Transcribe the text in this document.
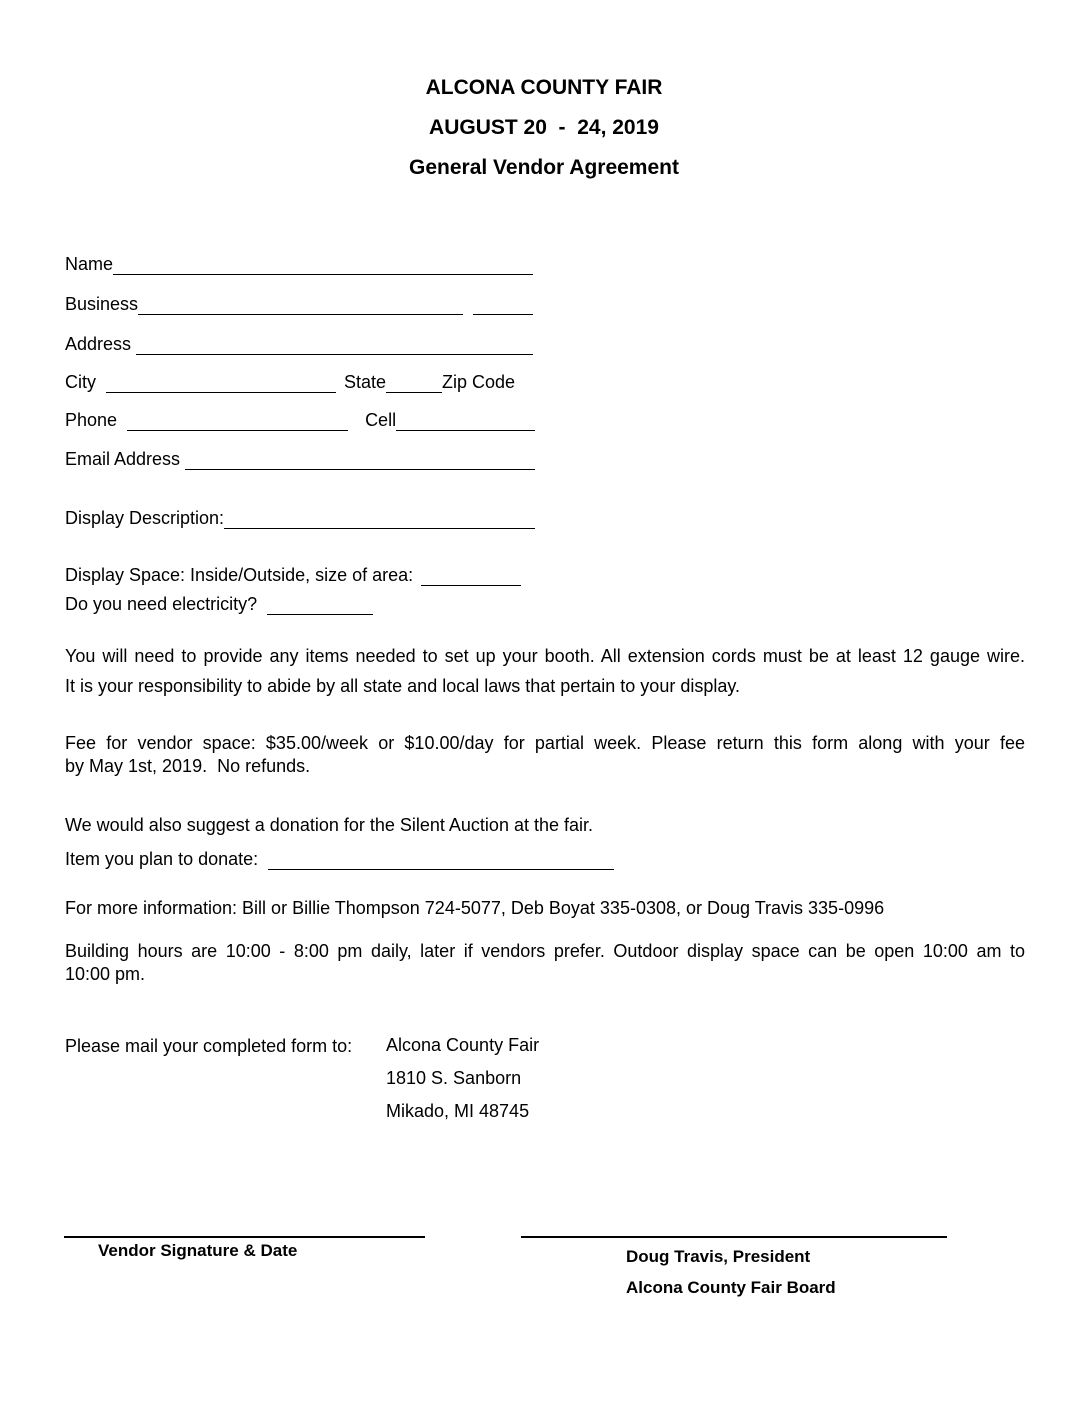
ALCONA COUNTY FAIR
AUGUST 20  -  24, 2019
General Vendor Agreement
Name
Business
Address
City	State	Zip Code
Phone	Cell
Email Address
Display Description:
Display Space: Inside/Outside, size of area:
Do you need electricity?
You will need to provide any items needed to set up your booth. All extension cords must be at least 12 gauge wire.
It is your responsibility to abide by all state and local laws that pertain to your display.
Fee for vendor space: $35.00/week or $10.00/day for partial week. Please return this form along with your fee
by May 1st, 2019.  No refunds.
We would also suggest a donation for the Silent Auction at the fair.
Item you plan to donate:
For more information: Bill or Billie Thompson 724-5077, Deb Boyat 335-0308, or Doug Travis 335-0996
Building hours are 10:00 - 8:00 pm daily, later if vendors prefer. Outdoor display space can be open 10:00 am to
10:00 pm.
Please mail your completed form to: Alcona County Fair
1810 S. Sanborn
Mikado, MI 48745
Vendor Signature & Date	Doug Travis, President
Alcona County Fair Board
